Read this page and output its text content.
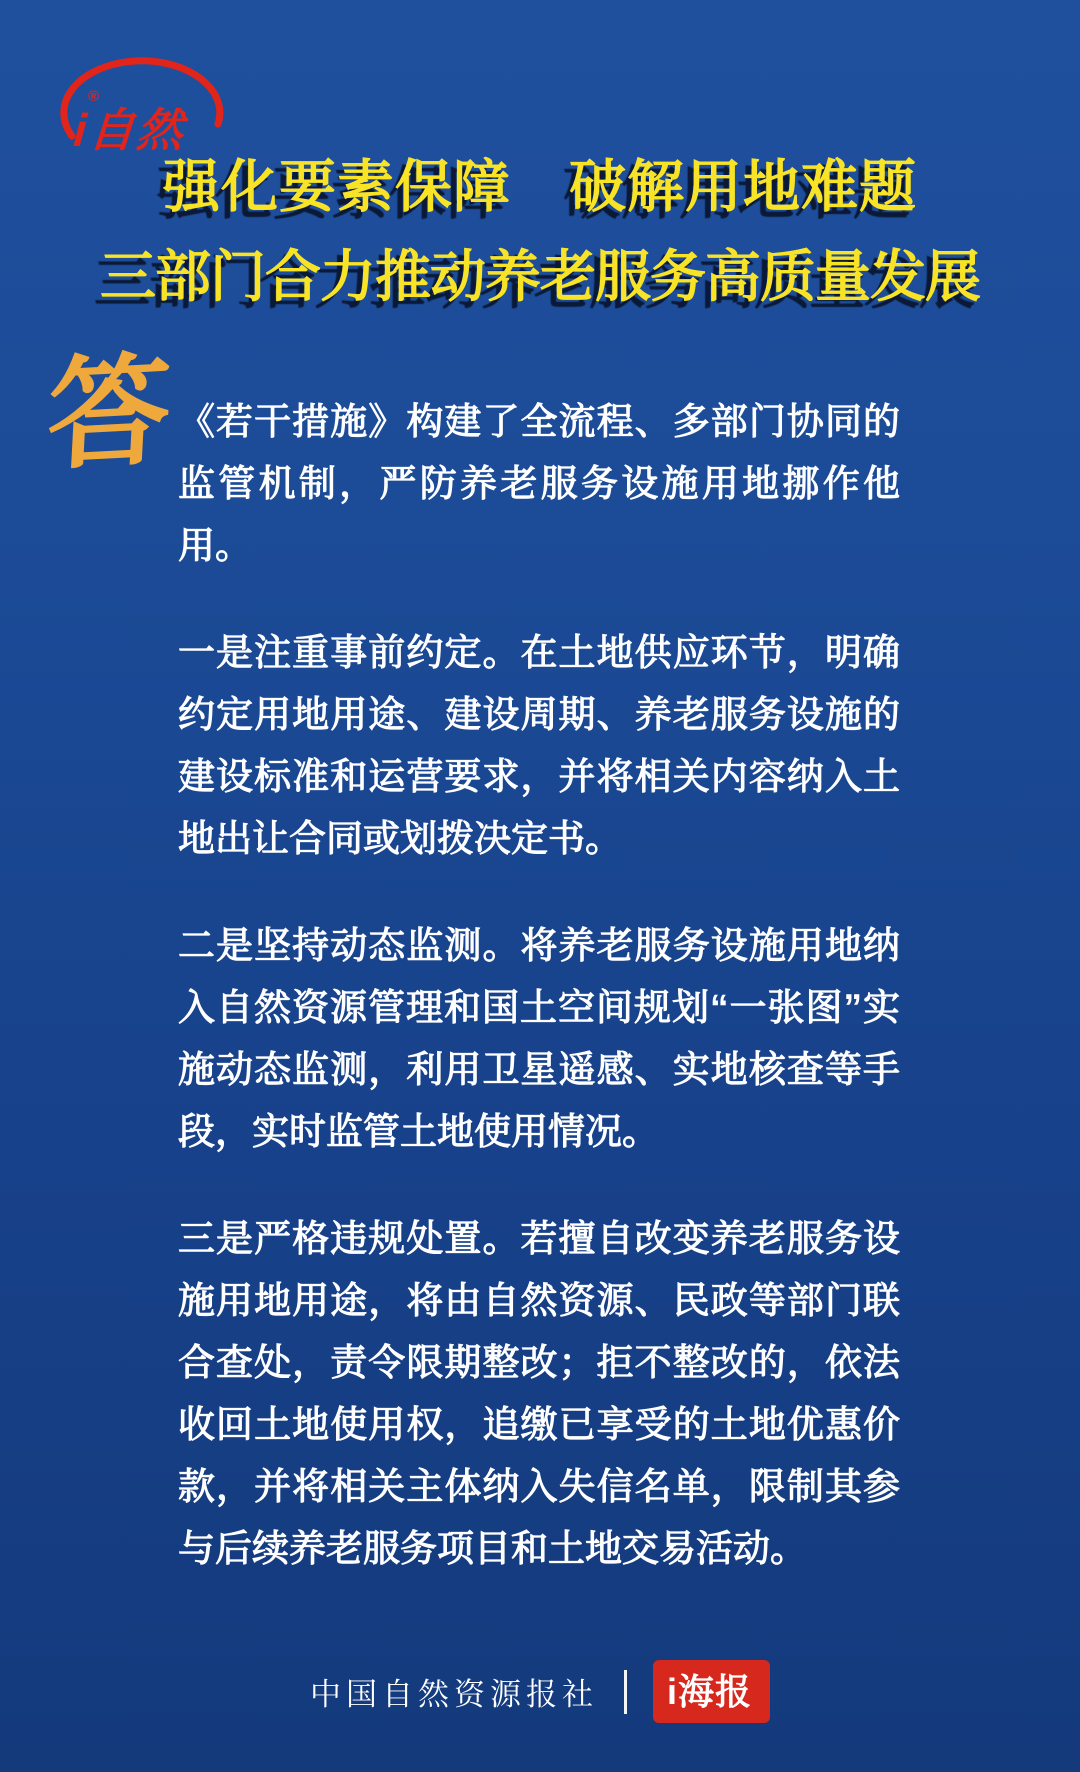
®
i自然
强化要素保障　破解用地难题
三部门合力推动养老服务高质量发展
答 《若干措施》构建了全流程、多部门协同的监管机制，严防养老服务设施用地挪作他用。

一是注重事前约定。在土地供应环节，明确约定用地用途、建设周期、养老服务设施的建设标准和运营要求，并将相关内容纳入土地出让合同或划拨决定书。

二是坚持动态监测。将养老服务设施用地纳入自然资源管理和国土空间规划“一张图”实施动态监测，利用卫星遥感、实地核查等手段，实时监管土地使用情况。

三是严格违规处置。若擅自改变养老服务设施用地用途，将由自然资源、民政等部门联合查处，责令限期整改；拒不整改的，依法收回土地使用权，追缴已享受的土地优惠价款，并将相关主体纳入失信名单，限制其参与后续养老服务项目和土地交易活动。

中国自然资源报社	i海报
